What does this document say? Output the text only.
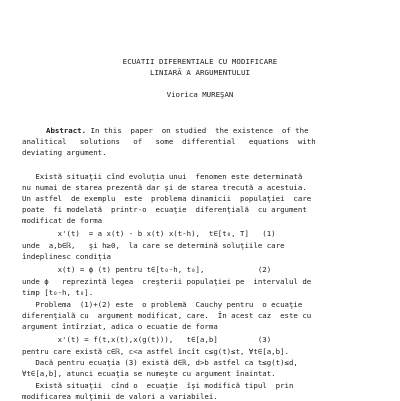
ECUATII DIFERENTIALE CU MODIFICARE
LINIARĂ A ARGUMENTULUI
Viorica MUREŞAN
Abstract. In this  paper  on studied  the existence  of the
analitical   solutions   of   some  differential   equations  with
deviating argument.
Există situaţii cînd evoluţia unui  fenomen este determinată
nu numai de starea prezentă dar şi de starea trecută a acestuia.
Un astfel  de exemplu  este  problema dinamicii  populaţiei  care
poate  fi modelată  printr-o  ecuaţie  diferenţială  cu argument
modificat de forma
x'(t)  = a x(t) - b x(t) x(t-h),  t∈[t₀, T]   (1)
unde  a,b∈ℝ,   şi h≥0,  la care se determină soluţiile care
îndeplinesc condiţia
x(t) = ϕ (t) pentru t∈[t₀-h, t₀],            (2)
unde ϕ   reprezintă legea  creşterii populaţiei pe  intervalul de
timp [t₀-h, t₀].
Problema  (1)+(2) este  o problemă  Cauchy pentru  o ecuaţie
diferenţială cu  argument modificat, care.  În acest caz  este cu
argument întîrziat, adica o ecuatie de forma
x'(t) = f(t,x(t),x(g(t))),   t∈[a,b]         (3)
pentru care există c∈ℝ, c<a astfel încît c≤g(t)≤t, ∀t∈[a,b].
Dacă pentru ecuaţia (3) există d∈ℝ, d>b astfel ca t≤g(t)≤d,
∀t∈[a,b], atunci ecuaţia se numeşte cu argument înaintat.
Există situaţii  cînd o  ecuaţie  îşi modifică tipul  prin
modificarea mulţimii de valori a variabilei.
